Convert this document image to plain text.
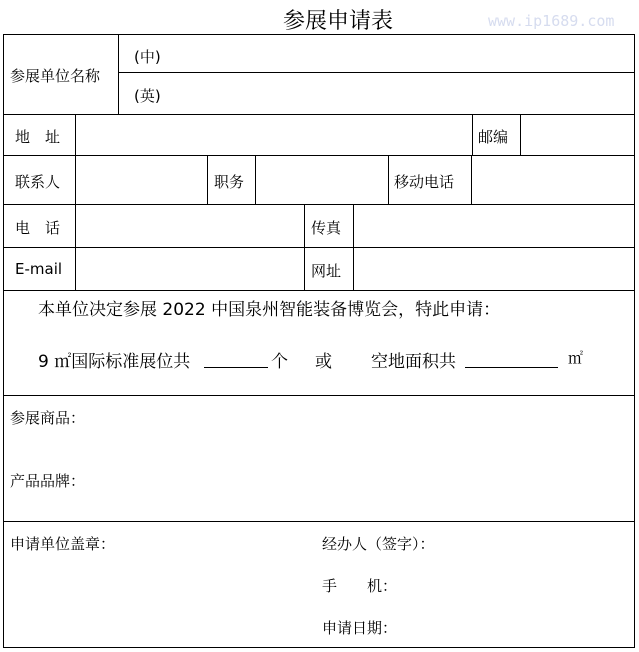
参展申请表	www.ip1689.com
参展单位名称
(中)
(英)
地　址	邮编
联系人	职务	移动电话
电　话	传真
E-mail	网址
本单位决定参展 2022 中国泉州智能装备博览会，特此申请：
9 ㎡国际标准展位共	个 或 空地面积共	㎡
参展商品：
产品品牌：
申请单位盖章：	经办人（签字）：
手　　机：
申请日期：
